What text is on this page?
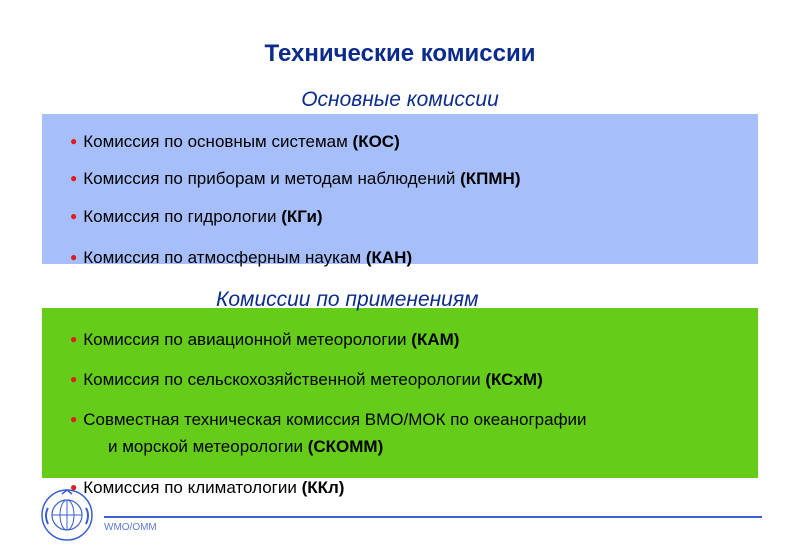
Технические комиссии
Основные комиссии
● Комиссия по основным системам (КОС)
● Комиссия по приборам и методам наблюдений (КПМН)
● Комиссия по гидрологии (КГи)
● Комиссия по атмосферным наукам (КАН)
Комиссии по применениям
● Комиссия по авиационной метеорологии (КАМ)
● Комиссия по сельскохозяйственной метеорологии (КСхМ)
● Совместная техническая комиссия ВМО/МОК по океанографии
и морской метеорологии (СКОММ)
● Комиссия по климатологии (ККл)
WMO/OMM
